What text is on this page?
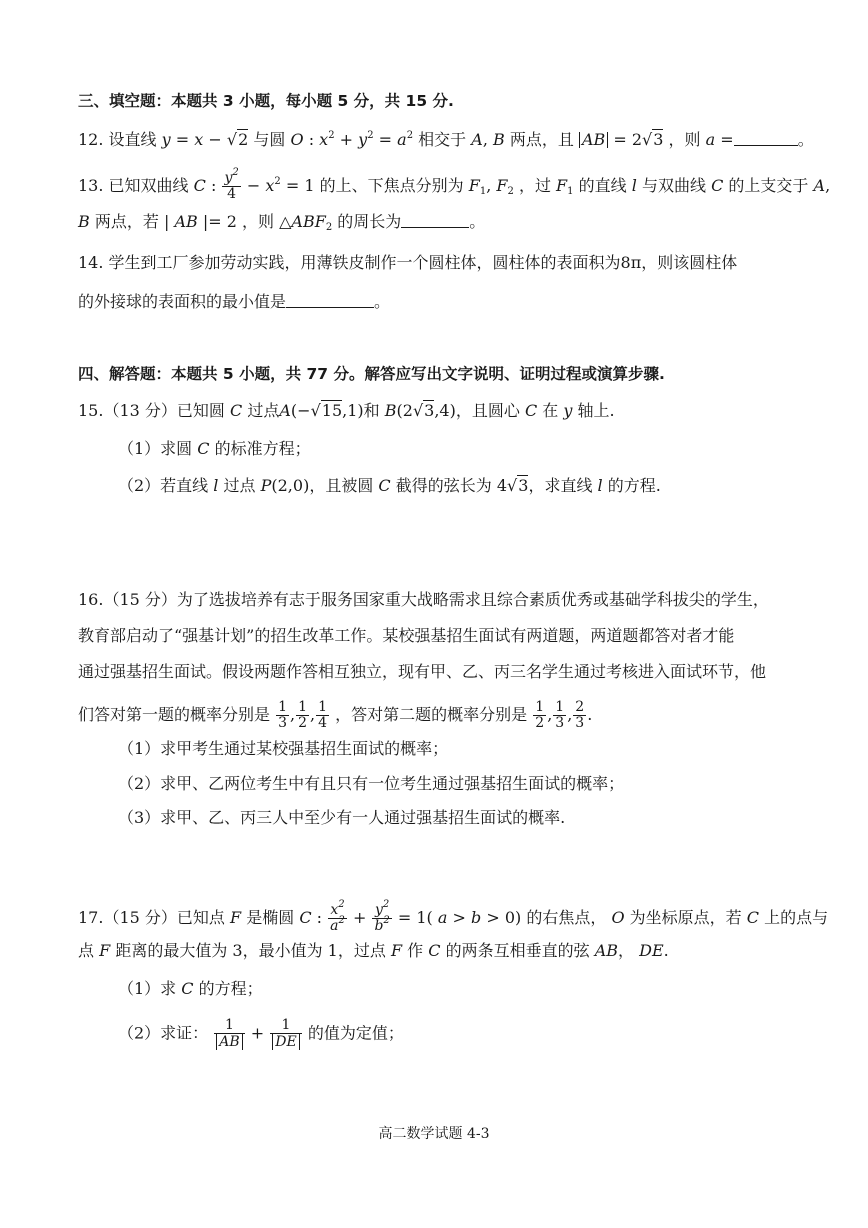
三、填空题：本题共 3 小题，每小题 5 分，共 15 分.
12. 设直线 y = x − √2 与圆 O : $x^2 + y^2 = a^2$ 相交于 A, B 两点，且 AB = 2√3 ，则 a =	。
13. 已知双曲线 C : $\frac{y^2}{4} - x^2 = 1$ 的上、下焦点分别为 $F_1$, $F_2$ ，过 $F_1$ 的直线 l 与双曲线 C 的上支交于 A,
B 两点，若 | AB |= 2 ，则 $\triangle ABF_2$ 的周长为	。
14. 学生到工厂参加劳动实践，用薄铁皮制作一个圆柱体，圆柱体的表面积为8π，则该圆柱体
的外接球的表面积的最小值是	。
四、解答题：本题共 5 小题，共 77 分。解答应写出文字说明、证明过程或演算步骤.
15.（13 分）已知圆 C 过点A(−√15,1)和 B(2√3,4)，且圆心 C 在 y 轴上.
（1）求圆 C 的标准方程；
（2）若直线 l 过点 P(2,0)，且被圆 C 截得的弦长为 4√3，求直线 l 的方程.
16.（15 分）为了选拔培养有志于服务国家重大战略需求且综合素质优秀或基础学科拔尖的学生，
教育部启动了“强基计划”的招生改革工作。某校强基招生面试有两道题，两道题都答对者才能
通过强基招生面试。假设两题作答相互独立，现有甲、乙、丙三名学生通过考核进入面试环节，他
们答对第一题的概率分别是 $\frac{1}{3}$ , $\frac{1}{2}$ , $\frac{1}{4}$ ，答对第二题的概率分别是 $\frac{1}{2}$ , $\frac{1}{3}$ , $\frac{2}{3}$ .
（1）求甲考生通过某校强基招生面试的概率；
（2）求甲、乙两位考生中有且只有一位考生通过强基招生面试的概率；
（3）求甲、乙、丙三人中至少有一人通过强基招生面试的概率.
17.（15 分）已知点 F 是椭圆 C : $\frac{x^2}{a^2} + \frac{y^2}{b^2} = 1$( a > b > 0) 的右焦点， O 为坐标原点，若 C 上的点与
点 F 距离的最大值为 3，最小值为 1，过点 F 作 C 的两条互相垂直的弦 AB， DE.
（1）求 C 的方程；
（2）求证： $\frac{1}{AB} + \frac{1}{DE}$ 的值为定值；
高二数学试题 4-3
